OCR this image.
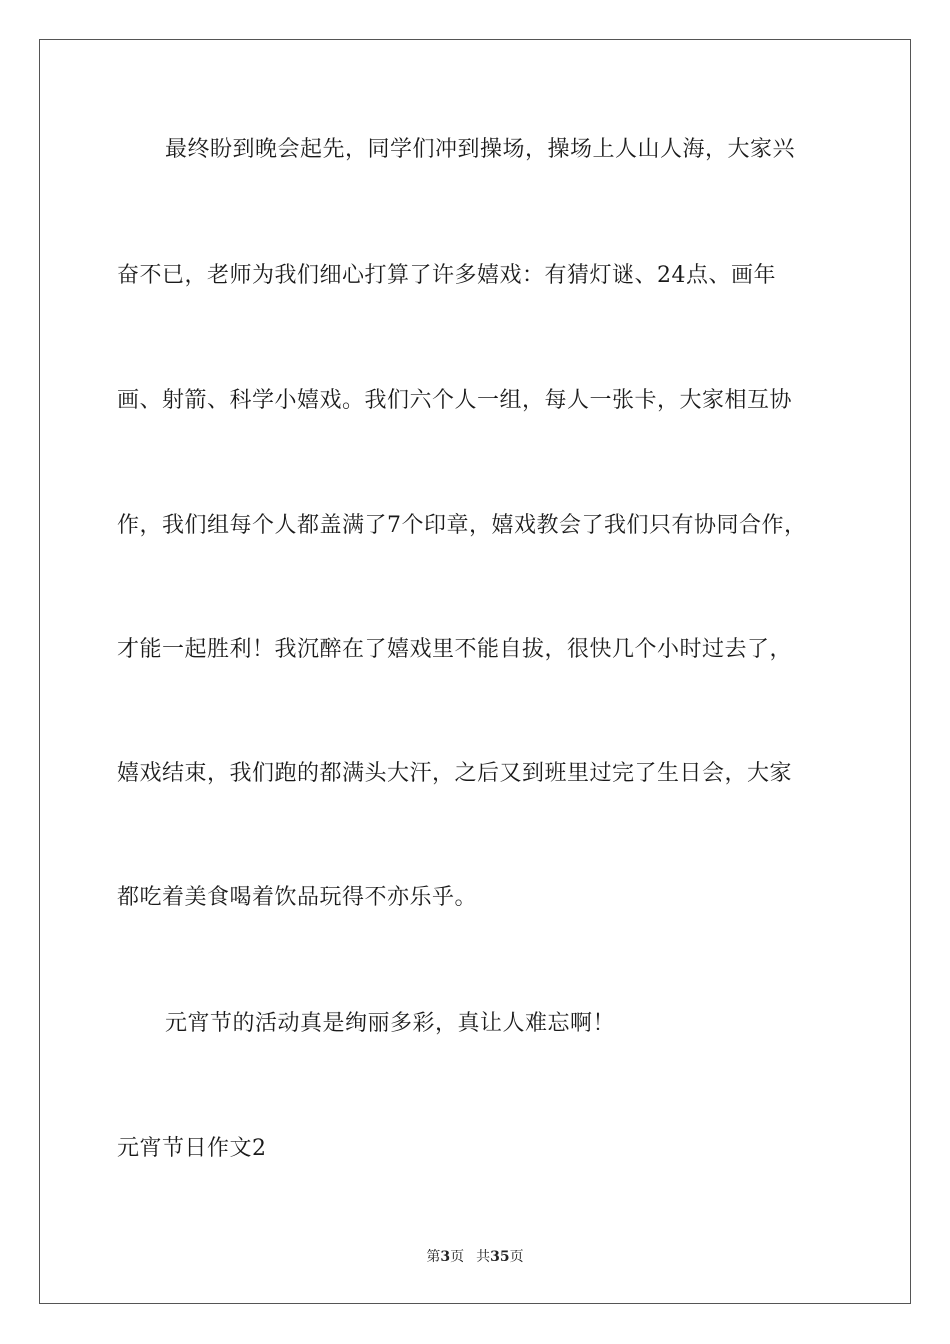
最终盼到晚会起先，同学们冲到操场，操场上人山人海，大家兴
奋不已，老师为我们细心打算了许多嬉戏：有猜灯谜、24点、画年
画、射箭、科学小嬉戏。我们六个人一组，每人一张卡，大家相互协
作，我们组每个人都盖满了7个印章，嬉戏教会了我们只有协同合作，
才能一起胜利！我沉醉在了嬉戏里不能自拔，很快几个小时过去了，
嬉戏结束，我们跑的都满头大汗，之后又到班里过完了生日会，大家
都吃着美食喝着饮品玩得不亦乐乎。
元宵节的活动真是绚丽多彩，真让人难忘啊！
元宵节日作文2
第3页 共35页
